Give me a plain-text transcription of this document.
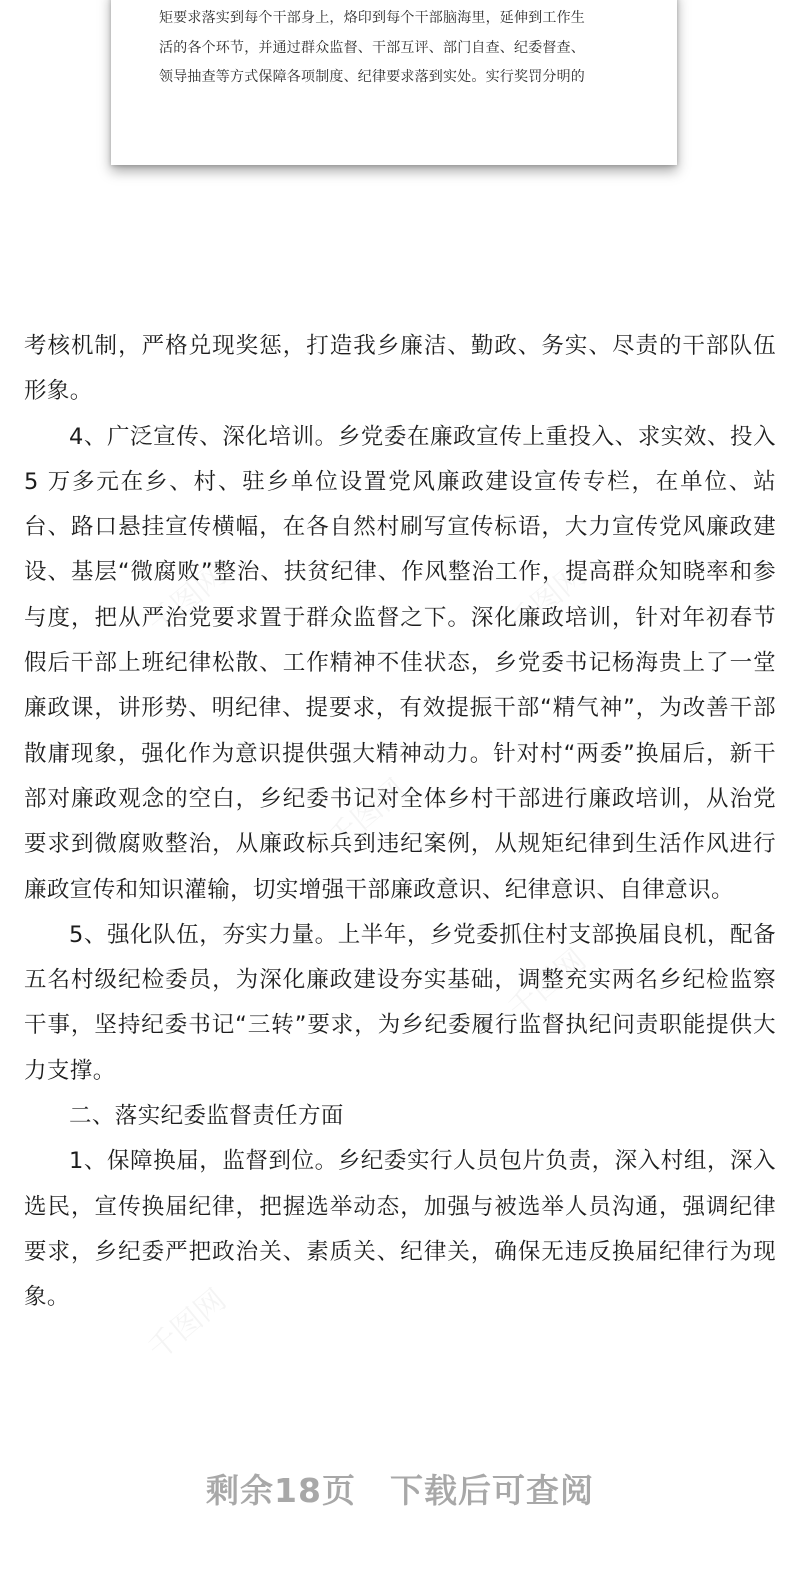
矩要求落实到每个干部身上，烙印到每个干部脑海里，延伸到工作生
活的各个环节，并通过群众监督、干部互评、部门自查、纪委督查、
领导抽查等方式保障各项制度、纪律要求落到实处。实行奖罚分明的

考核机制，严格兑现奖惩，打造我乡廉洁、勤政、务实、尽责的干部队伍形象。

4、广泛宣传、深化培训。乡党委在廉政宣传上重投入、求实效、投入 5 万多元在乡、村、驻乡单位设置党风廉政建设宣传专栏，在单位、站台、路口悬挂宣传横幅，在各自然村刷写宣传标语，大力宣传党风廉政建设、基层“微腐败”整治、扶贫纪律、作风整治工作，提高群众知晓率和参与度，把从严治党要求置于群众监督之下。深化廉政培训，针对年初春节假后干部上班纪律松散、工作精神不佳状态，乡党委书记杨海贵上了一堂廉政课，讲形势、明纪律、提要求，有效提振干部“精气神”，为改善干部散庸现象，强化作为意识提供强大精神动力。针对村“两委”换届后，新干部对廉政观念的空白，乡纪委书记对全体乡村干部进行廉政培训，从治党要求到微腐败整治，从廉政标兵到违纪案例，从规矩纪律到生活作风进行廉政宣传和知识灌输，切实增强干部廉政意识、纪律意识、自律意识。

5、强化队伍，夯实力量。上半年，乡党委抓住村支部换届良机，配备五名村级纪检委员，为深化廉政建设夯实基础，调整充实两名乡纪检监察干事，坚持纪委书记“三转”要求，为乡纪委履行监督执纪问责职能提供大力支撑。

二、落实纪委监督责任方面

1、保障换届，监督到位。乡纪委实行人员包片负责，深入村组，深入选民，宣传换届纪律，把握选举动态，加强与被选举人员沟通，强调纪律要求，乡纪委严把政治关、素质关、纪律关，确保无违反换届纪律行为现象。

剩余18页　下载后可查阅
